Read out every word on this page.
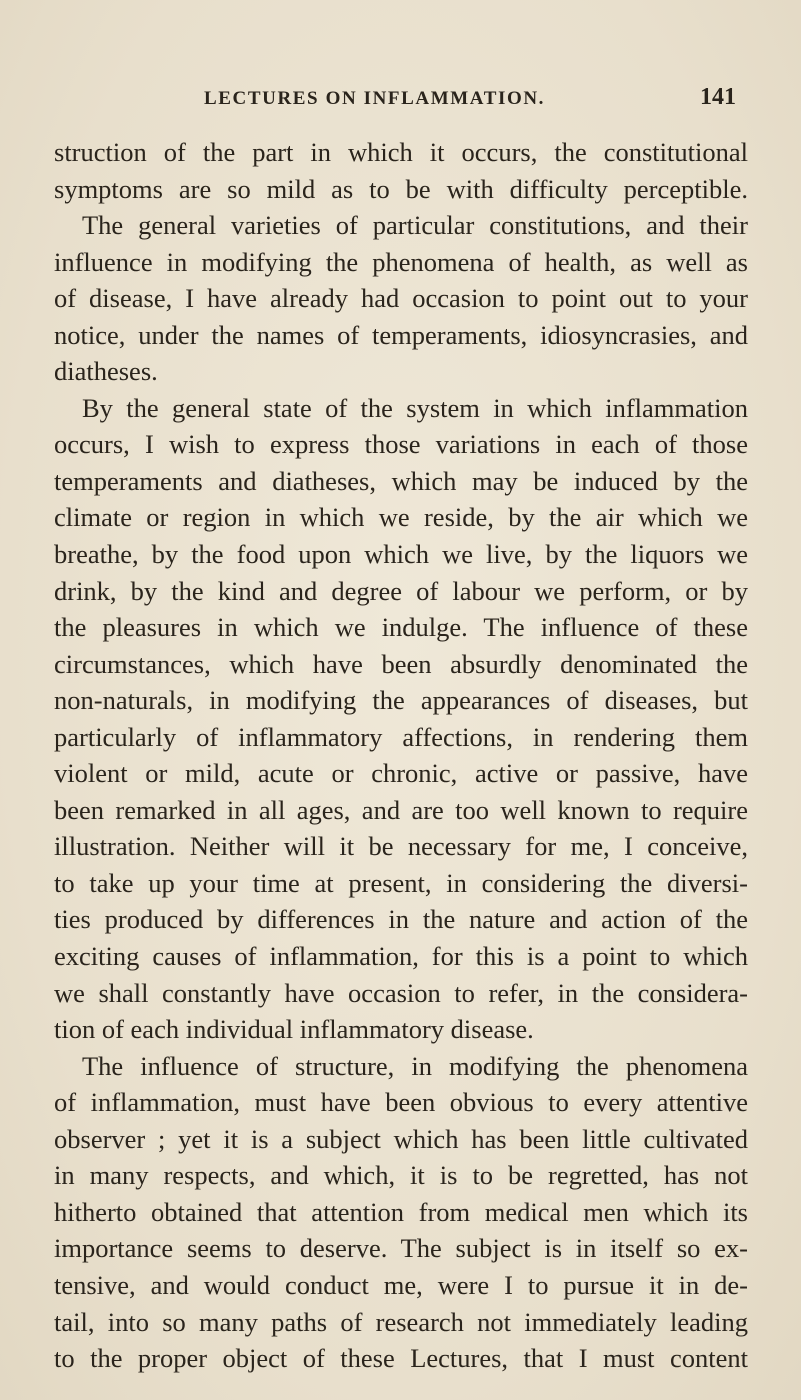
LECTURES ON INFLAMMATION.	141
struction of the part in which it occurs, the constitutional
symptoms are so mild as to be with difficulty perceptible.
The general varieties of particular constitutions, and their
influence in modifying the phenomena of health, as well as
of disease, I have already had occasion to point out to your
notice, under the names of temperaments, idiosyncrasies, and
diatheses.
By the general state of the system in which inflammation
occurs, I wish to express those variations in each of those
temperaments and diatheses, which may be induced by the
climate or region in which we reside, by the air which we
breathe, by the food upon which we live, by the liquors we
drink, by the kind and degree of labour we perform, or by
the pleasures in which we indulge. The influence of these
circumstances, which have been absurdly denominated the
non-naturals, in modifying the appearances of diseases, but
particularly of inflammatory affections, in rendering them
violent or mild, acute or chronic, active or passive, have
been remarked in all ages, and are too well known to require
illustration. Neither will it be necessary for me, I conceive,
to take up your time at present, in considering the diversi-
ties produced by differences in the nature and action of the
exciting causes of inflammation, for this is a point to which
we shall constantly have occasion to refer, in the considera-
tion of each individual inflammatory disease.
The influence of structure, in modifying the phenomena
of inflammation, must have been obvious to every attentive
observer ; yet it is a subject which has been little cultivated
in many respects, and which, it is to be regretted, has not
hitherto obtained that attention from medical men which its
importance seems to deserve. The subject is in itself so ex-
tensive, and would conduct me, were I to pursue it in de-
tail, into so many paths of research not immediately leading
to the proper object of these Lectures, that I must content
